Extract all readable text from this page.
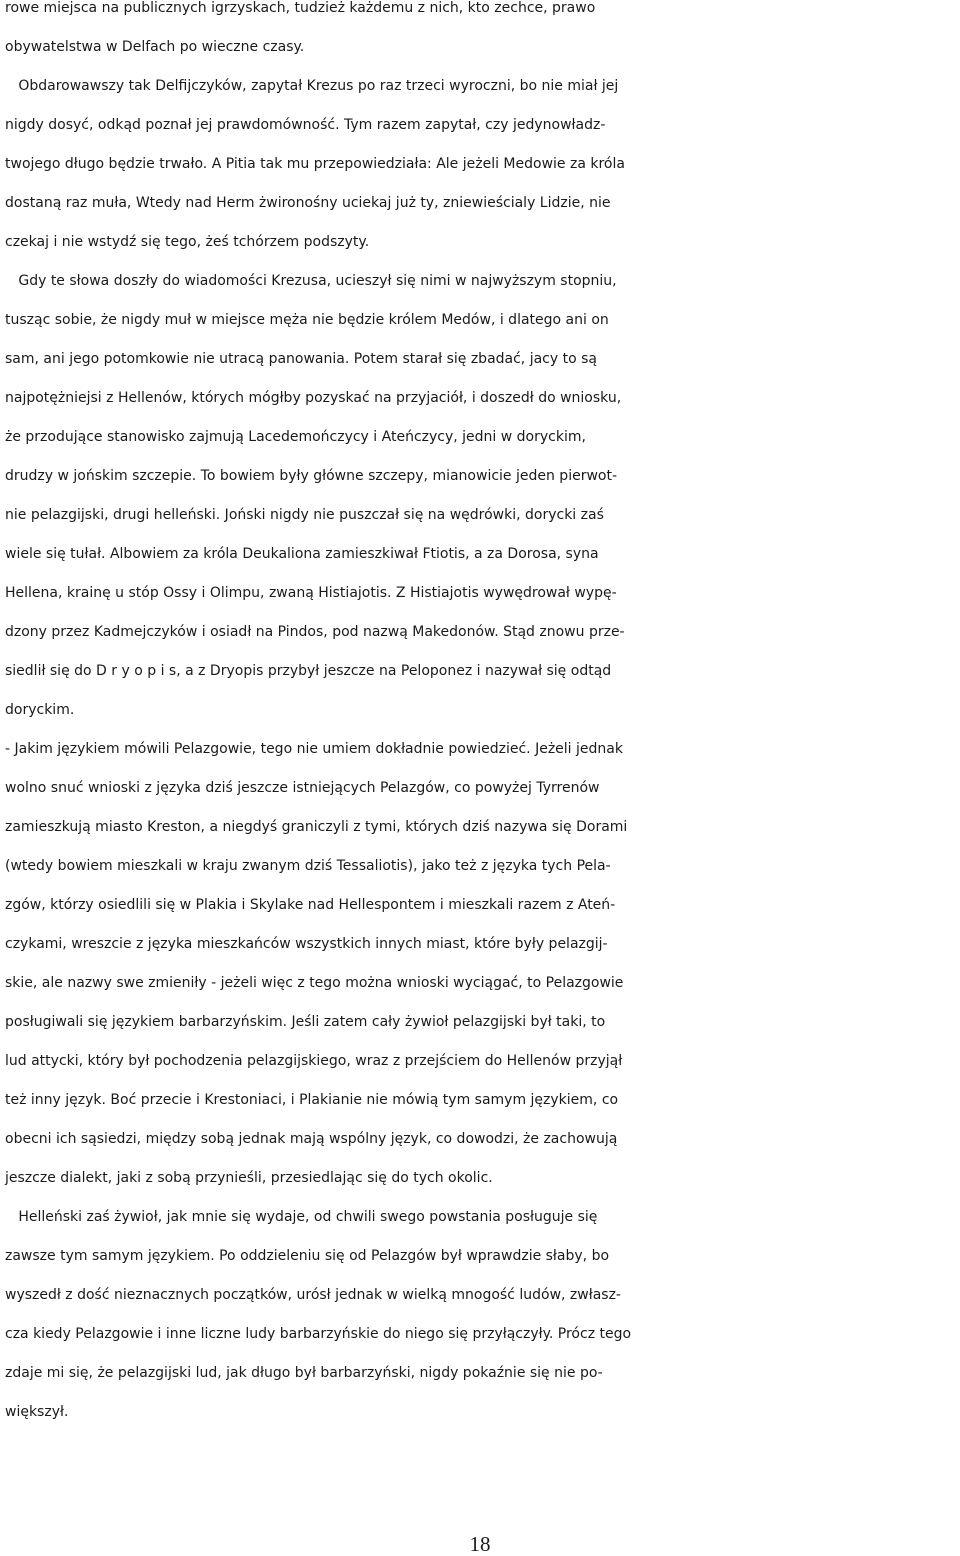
rowe miejsca na publicznych igrzyskach, tudzież każdemu z nich, kto zechce, prawo
obywatelstwa w Delfach po wieczne czasy.
Obdarowawszy tak Delfijczyków, zapytał Krezus po raz trzeci wyroczni, bo nie miał jej
nigdy dosyć, odkąd poznał jej prawdomówność. Tym razem zapytał, czy jedynowładz-
twojego długo będzie trwało. A Pitia tak mu przepowiedziała: Ale jeżeli Medowie za króla
dostaną raz muła, Wtedy nad Herm żwironośny uciekaj już ty, zniewieścialy Lidzie, nie
czekaj i nie wstydź się tego, żeś tchórzem podszyty.
Gdy te słowa doszły do wiadomości Krezusa, ucieszył się nimi w najwyższym stopniu,
tusząc sobie, że nigdy muł w miejsce męża nie będzie królem Medów, i dlatego ani on
sam, ani jego potomkowie nie utracą panowania. Potem starał się zbadać, jacy to są
najpotężniejsi z Hellenów, których mógłby pozyskać na przyjaciół, i doszedł do wniosku,
że przodujące stanowisko zajmują Lacedemończycy i Ateńczycy, jedni w doryckim,
drudzy w jońskim szczepie. To bowiem były główne szczepy, mianowicie jeden pierwot-
nie pelazgijski, drugi helleński. Joński nigdy nie puszczał się na wędrówki, dorycki zaś
wiele się tułał. Albowiem za króla Deukaliona zamieszkiwał Ftiotis, a za Dorosa, syna
Hellena, krainę u stóp Ossy i Olimpu, zwaną Histiajotis. Z Histiajotis wywędrował wypę-
dzony przez Kadmejczyków i osiadł na Pindos, pod nazwą Makedonów. Stąd znowu prze-
siedlił się do D r y o p i s, a z Dryopis przybył jeszcze na Peloponez i nazywał się odtąd
doryckim.
- Jakim językiem mówili Pelazgowie, tego nie umiem dokładnie powiedzieć. Jeżeli jednak
wolno snuć wnioski z języka dziś jeszcze istniejących Pelazgów, co powyżej Tyrrenów
zamieszkują miasto Kreston, a niegdyś graniczyli z tymi, których dziś nazywa się Dorami
(wtedy bowiem mieszkali w kraju zwanym dziś Tessaliotis), jako też z języka tych Pela-
zgów, którzy osiedlili się w Plakia i Skylake nad Hellespontem i mieszkali razem z Ateń-
czykami, wreszcie z języka mieszkańców wszystkich innych miast, które były pelazgij-
skie, ale nazwy swe zmieniły - jeżeli więc z tego można wnioski wyciągać, to Pelazgowie
posługiwali się językiem barbarzyńskim. Jeśli zatem cały żywioł pelazgijski był taki, to
lud attycki, który był pochodzenia pelazgijskiego, wraz z przejściem do Hellenów przyjął
też inny język. Boć przecie i Krestoniaci, i Plakianie nie mówią tym samym językiem, co
obecni ich sąsiedzi, między sobą jednak mają wspólny język, co dowodzi, że zachowują
jeszcze dialekt, jaki z sobą przynieśli, przesiedlając się do tych okolic.
Helleński zaś żywioł, jak mnie się wydaje, od chwili swego powstania posługuje się
zawsze tym samym językiem. Po oddzieleniu się od Pelazgów był wprawdzie słaby, bo
wyszedł z dość nieznacznych początków, urósł jednak w wielką mnogość ludów, zwłasz-
cza kiedy Pelazgowie i inne liczne ludy barbarzyńskie do niego się przyłączyły. Prócz tego
zdaje mi się, że pelazgijski lud, jak długo był barbarzyński, nigdy pokaźnie się nie po-
większył.
18
